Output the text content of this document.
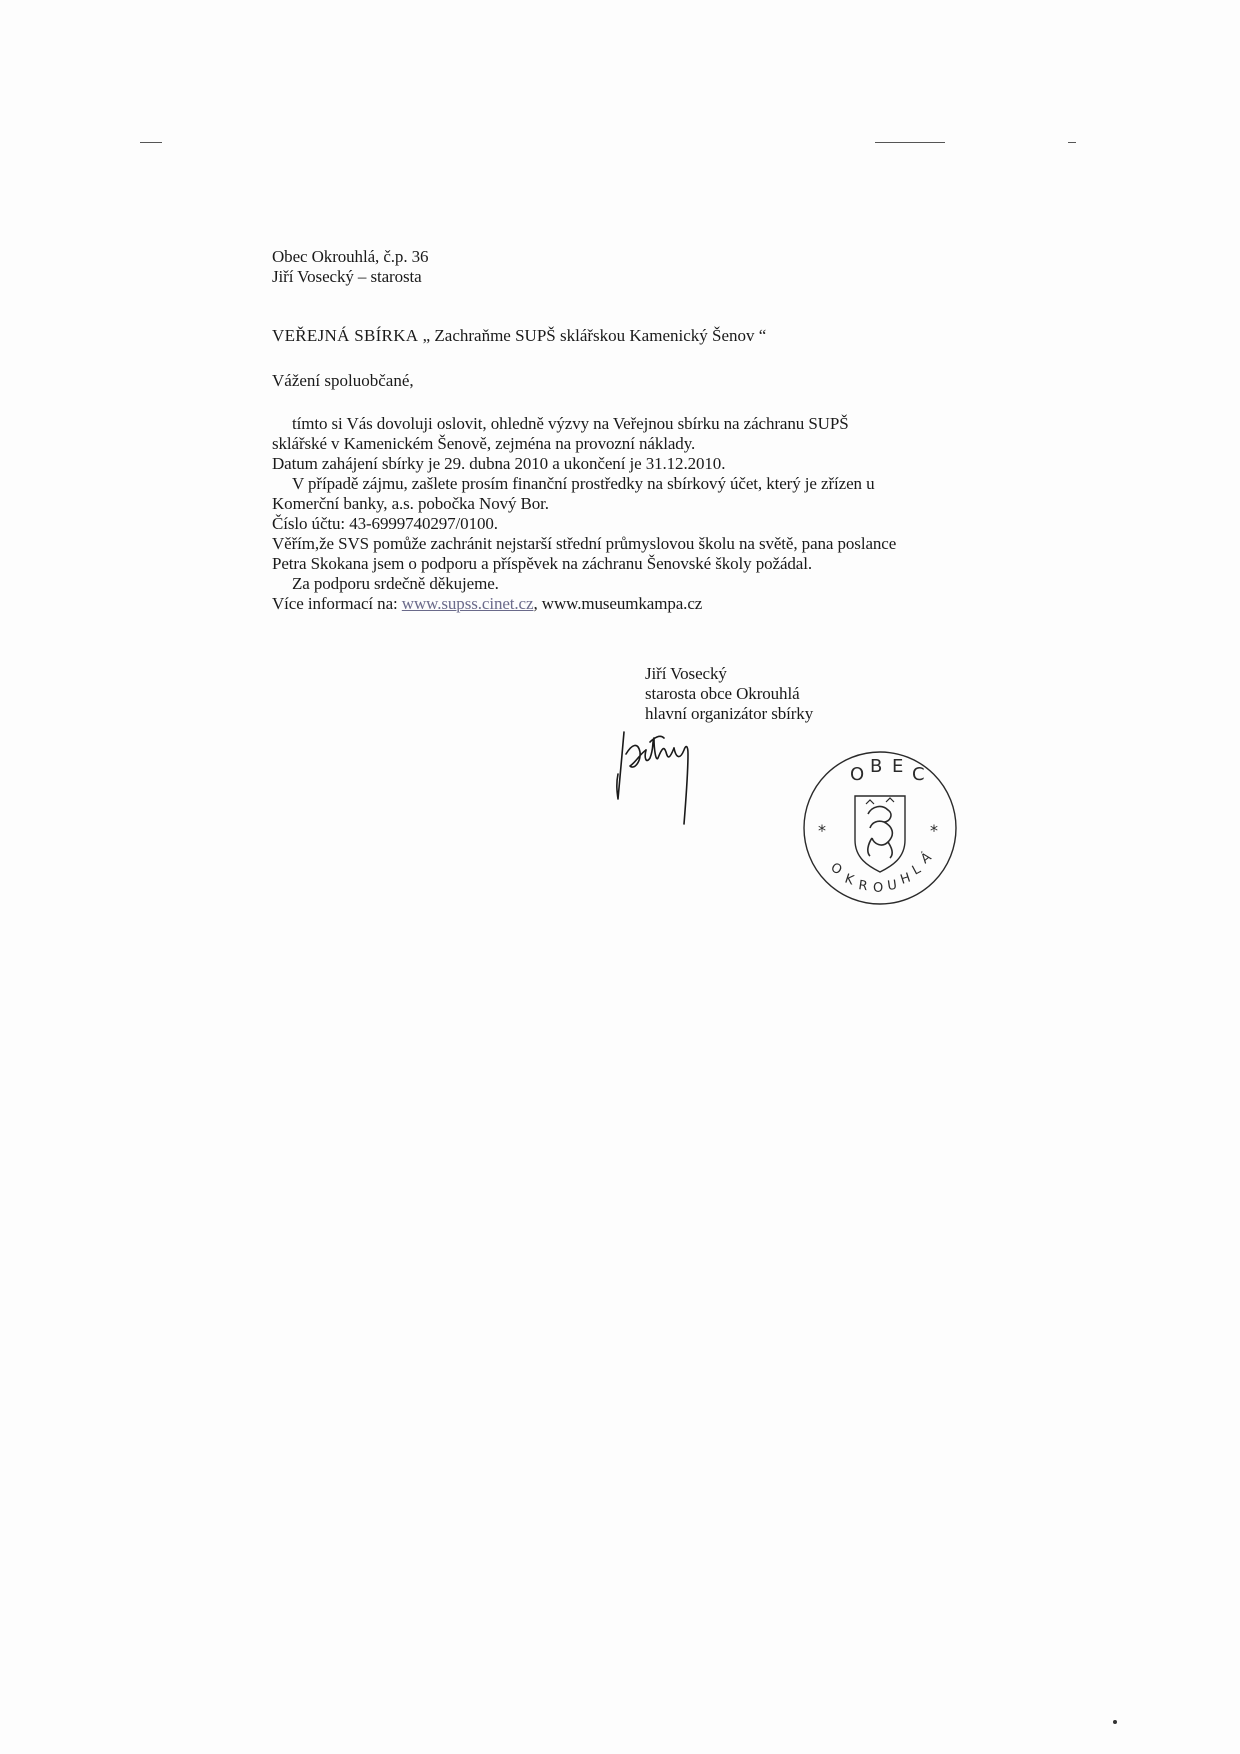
Obec Okrouhlá, č.p. 36
Jiří Vosecký – starosta
VEŘEJNÁ SBÍRKA „ Zachraňme SUPŠ sklářskou Kamenický Šenov “
Vážení spoluobčané,
tímto si Vás dovoluji oslovit, ohledně výzvy na Veřejnou sbírku na záchranu SUPŠ
sklářské v Kamenickém Šenově, zejména na provozní náklady.
Datum zahájení sbírky je 29. dubna 2010 a ukončení je 31.12.2010.
V případě zájmu, zašlete prosím finanční prostředky na sbírkový účet, který je zřízen u
Komerční banky, a.s. pobočka Nový Bor.
Číslo účtu: 43-6999740297/0100.
Věřím,že SVS pomůže zachránit nejstarší střední průmyslovou školu na světě, pana poslance
Petra Skokana jsem o podporu a příspěvek na záchranu Šenovské školy požádal.
Za podporu srdečně děkujeme.
Více informací na: www.supss.cinet.cz, www.museumkampa.cz
Jiří Vosecký
starosta obce Okrouhlá
hlavní organizátor sbírky
O B E C
*	*
O
K R O U H
L
Á
